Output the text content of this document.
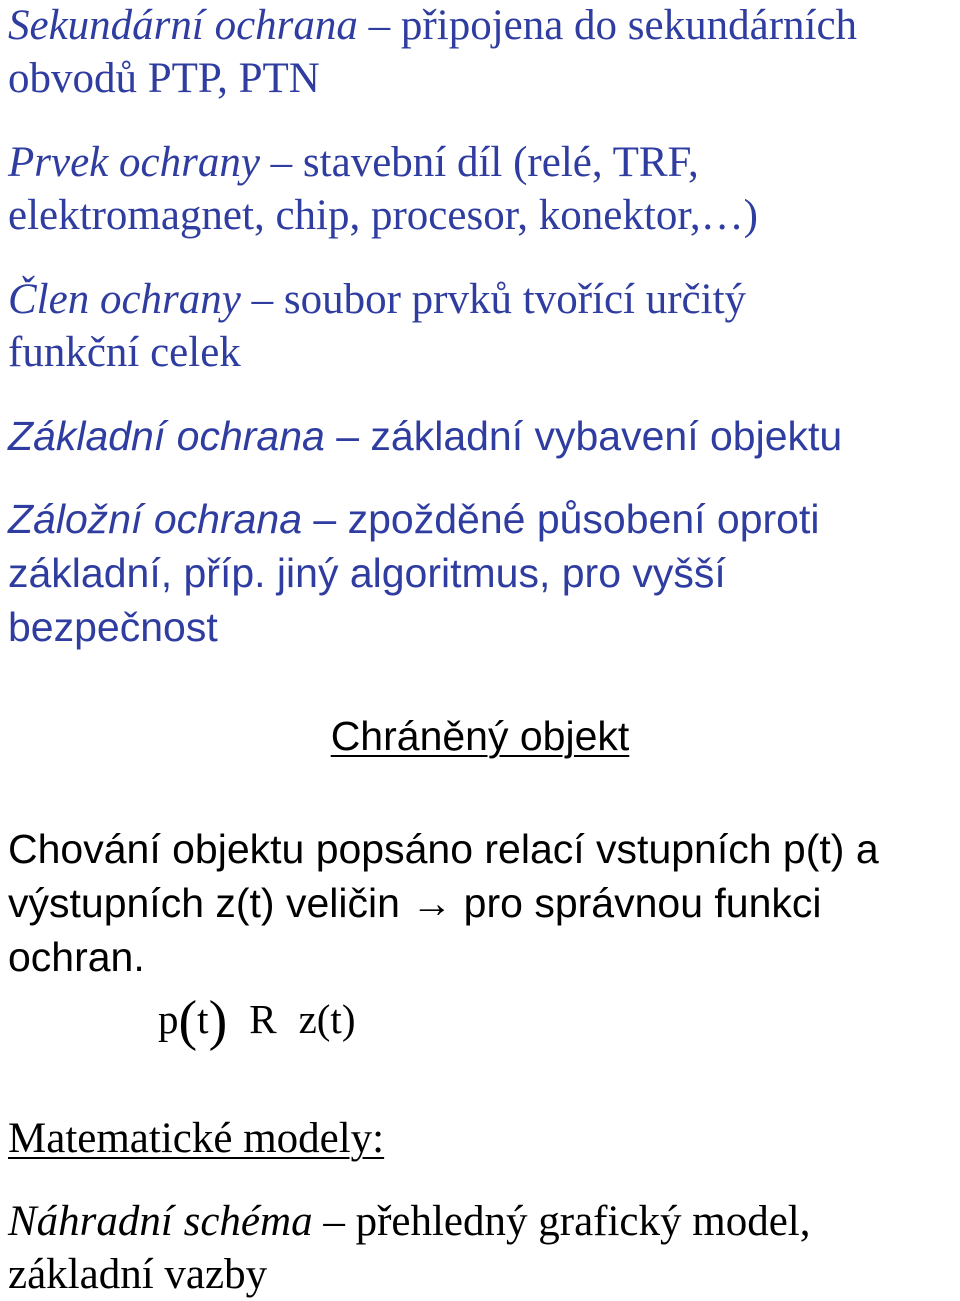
Sekundární ochrana – připojena do sekundárních
obvodů PTP, PTN
Prvek ochrany – stavební díl (relé, TRF,
elektromagnet, chip, procesor, konektor,…)
Člen ochrany – soubor prvků tvořící určitý
funkční celek
Základní ochrana – základní vybavení objektu
Záložní ochrana – zpožděné působení oproti
základní, příp. jiný algoritmus, pro vyšší
bezpečnost
Chráněný objekt
Chování objektu popsáno relací vstupních p(t) a
výstupních z(t) veličin → pro správnou funkci
ochran.
p(t) R z(t)
Matematické modely:
Náhradní schéma – přehledný grafický model,
základní vazby
